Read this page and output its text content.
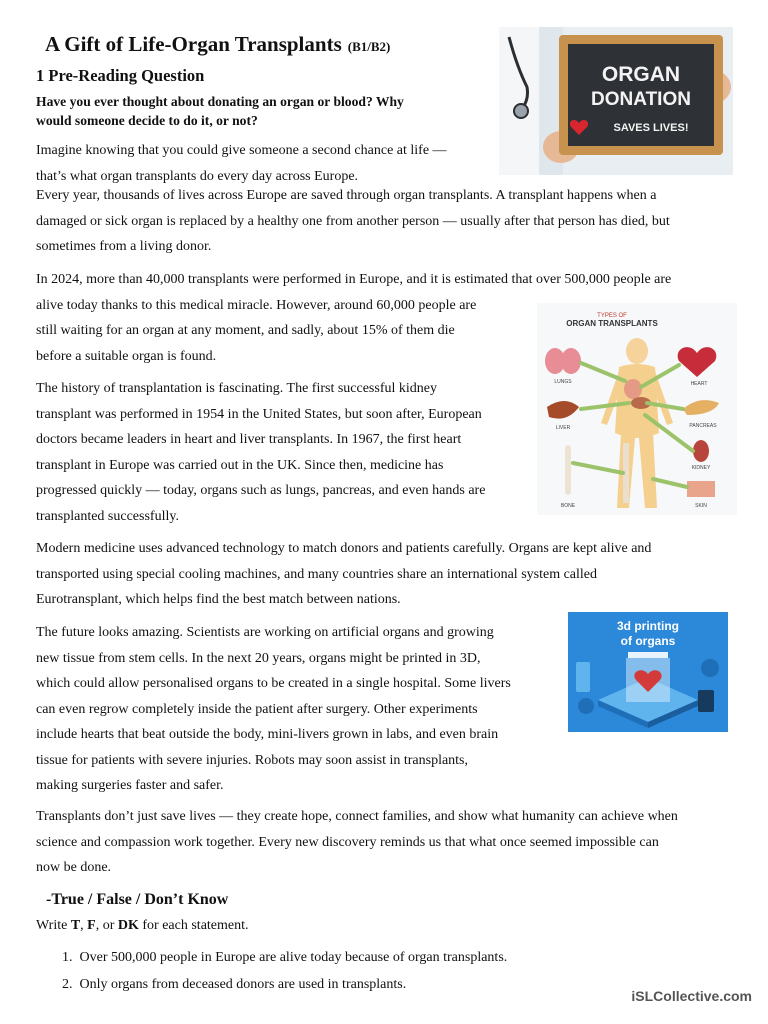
A Gift of Life-Organ Transplants (B1/B2)
1 Pre-Reading Question
Have you ever thought about donating an organ or blood? Why
would someone decide to do it, or not?
Imagine knowing that you could give someone a second chance at life —
that’s what organ transplants do every day across Europe.
Every year, thousands of lives across Europe are saved through organ transplants. A transplant happens when a
damaged or sick organ is replaced by a healthy one from another person — usually after that person has died, but
sometimes from a living donor.
In 2024, more than 40,000 transplants were performed in Europe, and it is estimated that over 500,000 people are
alive today thanks to this medical miracle. However, around 60,000 people are
still waiting for an organ at any moment, and sadly, about 15% of them die
before a suitable organ is found.
The history of transplantation is fascinating. The first successful kidney
transplant was performed in 1954 in the United States, but soon after, European
doctors became leaders in heart and liver transplants. In 1967, the first heart
transplant in Europe was carried out in the UK. Since then, medicine has
progressed quickly — today, organs such as lungs, pancreas, and even hands are
transplanted successfully.
Modern medicine uses advanced technology to match donors and patients carefully. Organs are kept alive and
transported using special cooling machines, and many countries share an international system called
Eurotransplant, which helps find the best match between nations.
The future looks amazing. Scientists are working on artificial organs and growing
new tissue from stem cells. In the next 20 years, organs might be printed in 3D,
which could allow personalised organs to be created in a single hospital. Some livers
can even regrow completely inside the patient after surgery. Other experiments
include hearts that beat outside the body, mini-livers grown in labs, and even brain
tissue for patients with severe injuries. Robots may soon assist in transplants,
making surgeries faster and safer.
Transplants don’t just save lives — they create hope, connect families, and show what humanity can achieve when
science and compassion work together. Every new discovery reminds us that what once seemed impossible can
now be done.
-True / False / Don’t Know
Write T, F, or DK for each statement.
1. Over 500,000 people in Europe are alive today because of organ transplants.
2. Only organs from deceased donors are used in transplants.
iSLCollective.com
ORGAN
DONATION
SAVES LIVES!
TYPES OF
ORGAN TRANSPLANTS
LUNGS
LIVER
BONE
HEART
PANCREAS
KIDNEY
SKIN
3d printing
of organs
